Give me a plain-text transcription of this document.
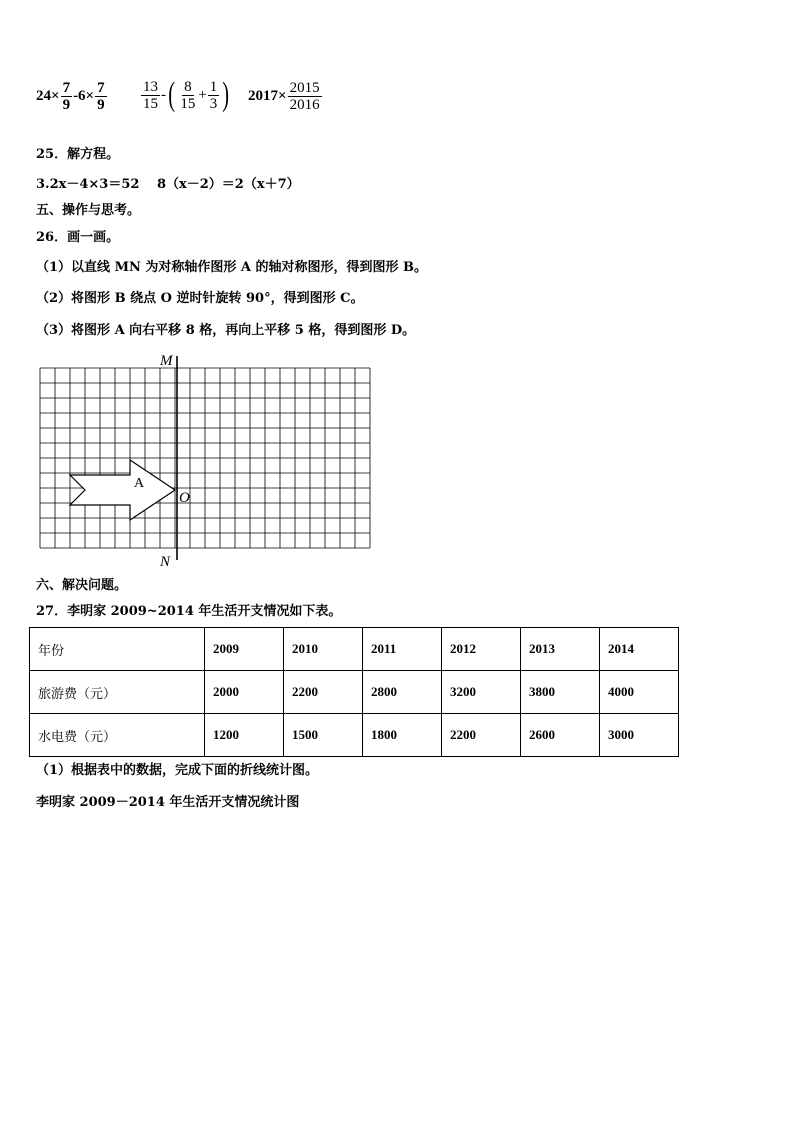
$24\times \frac{7}{9} -6\times \frac{7}{9} \frac{13}{15}$ - ( $\frac{8}{15} + \frac{1}{3}$ ) $2017\times \frac{2015}{2016}$
25．解方程。
3.2x－4×3＝52　 8（x－2）＝2（x＋7）
五、操作与思考。
26．画一画。
（1）以直线 MN 为对称轴作图形 A 的轴对称图形，得到图形 B。
（2）将图形 B 绕点 O 逆时针旋转 90°，得到图形 C。
（3）将图形 A 向右平移 8 格，再向上平移 5 格，得到图形 D。
M
N
O
A
六、解决问题。
27．李明家 2009~2014 年生活开支情况如下表。
年份	2009	2010	2011	2012	2013	2014
旅游费（元）	2000	2200	2800	3200	3800	4000
水电费（元）	1200	1500	1800	2200	2600	3000
（1）根据表中的数据，完成下面的折线统计图。
李明家 2009－2014 年生活开支情况统计图
